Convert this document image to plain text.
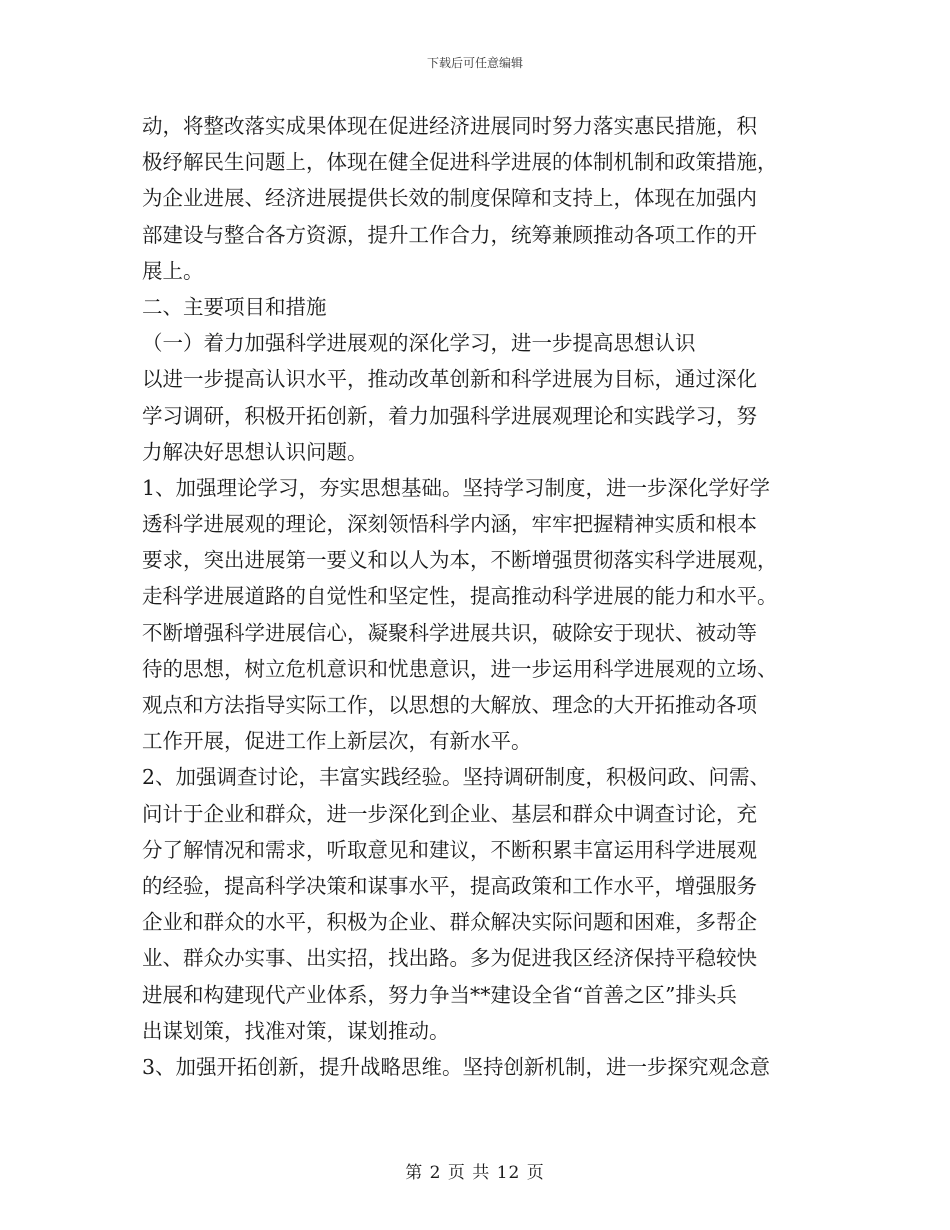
下载后可任意编辑
动，将整改落实成果体现在促进经济进展同时努力落实惠民措施，积
极纾解民生问题上，体现在健全促进科学进展的体制机制和政策措施，
为企业进展、经济进展提供长效的制度保障和支持上，体现在加强内
部建设与整合各方资源，提升工作合力，统筹兼顾推动各项工作的开
展上。
二、主要项目和措施
（一）着力加强科学进展观的深化学习，进一步提高思想认识
以进一步提高认识水平，推动改革创新和科学进展为目标，通过深化
学习调研，积极开拓创新，着力加强科学进展观理论和实践学习，努
力解决好思想认识问题。
1、加强理论学习，夯实思想基础。坚持学习制度，进一步深化学好学
透科学进展观的理论，深刻领悟科学内涵，牢牢把握精神实质和根本
要求，突出进展第一要义和以人为本，不断增强贯彻落实科学进展观，
走科学进展道路的自觉性和坚定性，提高推动科学进展的能力和水平。
不断增强科学进展信心，凝聚科学进展共识，破除安于现状、被动等
待的思想，树立危机意识和忧患意识，进一步运用科学进展观的立场、
观点和方法指导实际工作，以思想的大解放、理念的大开拓推动各项
工作开展，促进工作上新层次，有新水平。
2、加强调查讨论，丰富实践经验。坚持调研制度，积极问政、问需、
问计于企业和群众，进一步深化到企业、基层和群众中调查讨论，充
分了解情况和需求，听取意见和建议，不断积累丰富运用科学进展观
的经验，提高科学决策和谋事水平，提高政策和工作水平，增强服务
企业和群众的水平，积极为企业、群众解决实际问题和困难，多帮企
业、群众办实事、出实招，找出路。多为促进我区经济保持平稳较快
进展和构建现代产业体系，努力争当**建设全省“首善之区”排头兵
出谋划策，找准对策，谋划推动。
3、加强开拓创新，提升战略思维。坚持创新机制，进一步探究观念意
第 2 页 共 12 页
